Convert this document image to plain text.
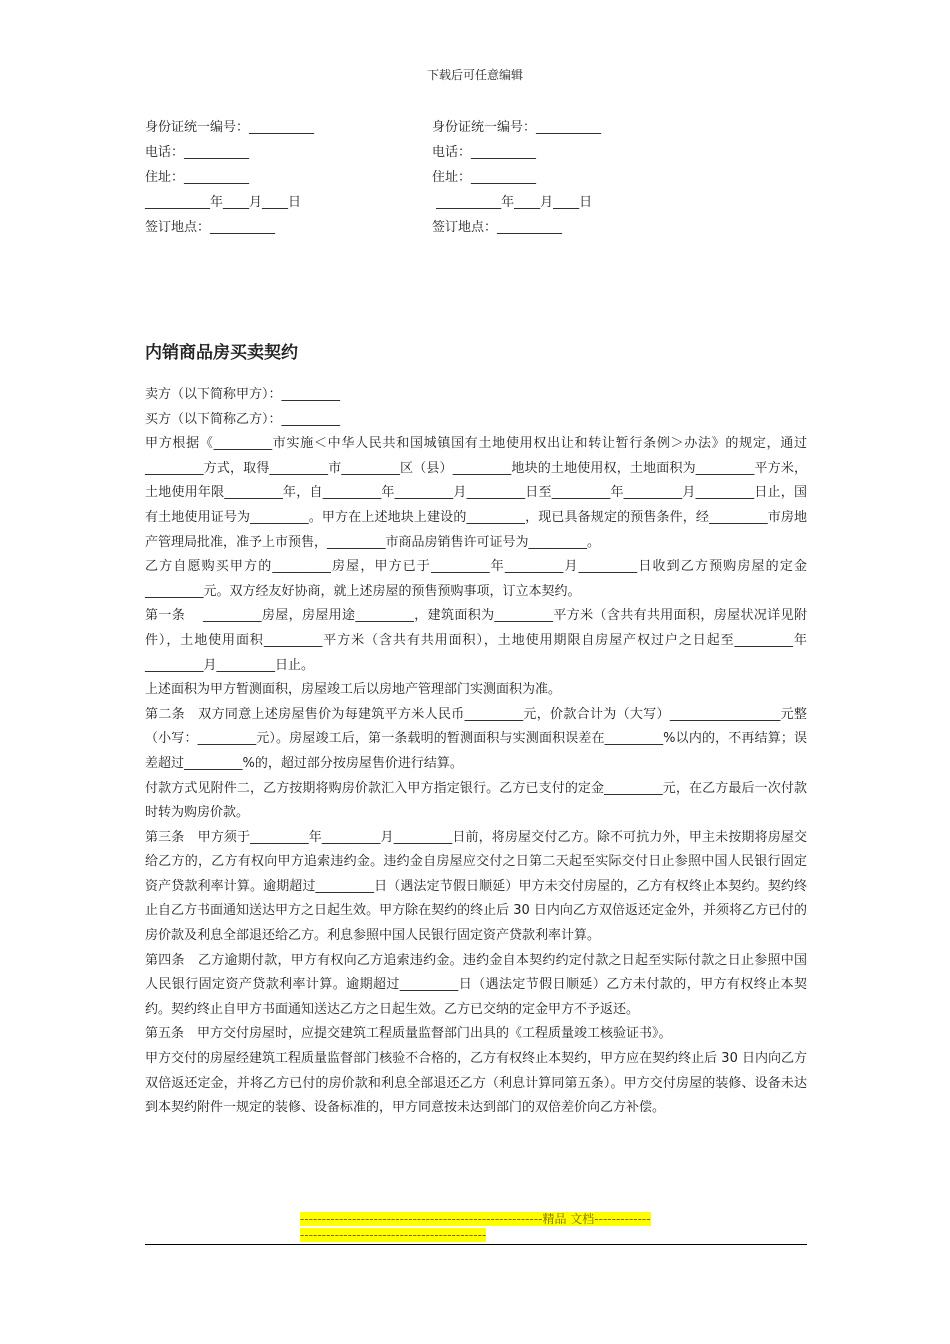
下载后可任意编辑
身份证统一编号：__________
电话：__________
住址：__________
__________年____月____日
签订地点：__________
身份证统一编号：__________
电话：__________
住址：__________
__________年____月____日
签订地点：__________
内销商品房买卖契约

卖方（以下简称甲方）：_________

买方（以下简称乙方）：_________

甲方根据《_________市实施＜中华人民共和国城镇国有土地使用权出让和转让暂行条例＞办法》的规定，通过_________方式，取得_________市_________区（县）_________地块的土地使用权，土地面积为_________平方米，土地使用年限_________年，自_________年_________月_________日至_________年_________月_________日止，国有土地使用证号为_________。甲方在上述地块上建设的_________，现已具备规定的预售条件，经_________市房地产管理局批准，准予上市预售，_________市商品房销售许可证号为_________。

乙方自愿购买甲方的_________房屋，甲方已于_________年_________月_________日收到乙方预购房屋的定金_________元。双方经友好协商，就上述房屋的预售预购事项，订立本契约。

第一条　 _________房屋，房屋用途_________，建筑面积为_________平方米（含共有共用面积，房屋状况详见附件），土地使用面积_________平方米（含共有共用面积），土地使用期限自房屋产权过户之日起至_________年_________月_________日止。

上述面积为甲方暂测面积，房屋竣工后以房地产管理部门实测面积为准。

第二条　双方同意上述房屋售价为每建筑平方米人民币_________元，价款合计为（大写）_________________元整（小写：_________元）。房屋竣工后，第一条载明的暂测面积与实测面积误差在_________%以内的，不再结算；误差超过_________%的，超过部分按房屋售价进行结算。

付款方式见附件二，乙方按期将购房价款汇入甲方指定银行。乙方已支付的定金_________元，在乙方最后一次付款时转为购房价款。

第三条　甲方须于_________年_________月_________日前，将房屋交付乙方。除不可抗力外，甲主未按期将房屋交给乙方的，乙方有权向甲方追索违约金。违约金自房屋应交付之日第二天起至实际交付日止参照中国人民银行固定资产贷款利率计算。逾期超过_________日（遇法定节假日顺延）甲方未交付房屋的，乙方有权终止本契约。契约终止自乙方书面通知送达甲方之日起生效。甲方除在契约的终止后 30 日内向乙方双倍返还定金外，并须将乙方已付的房价款及利息全部退还给乙方。利息参照中国人民银行固定资产贷款利率计算。

第四条　乙方逾期付款，甲方有权向乙方追索违约金。违约金自本契约约定付款之日起至实际付款之日止参照中国人民银行固定资产贷款利率计算。逾期超过_________日（遇法定节假日顺延）乙方未付款的，甲方有权终止本契约。契约终止自甲方书面通知送达乙方之日起生效。乙方已交纳的定金甲方不予返还。

第五条　甲方交付房屋时，应提交建筑工程质量监督部门出具的《工程质量竣工核验证书》。

甲方交付的房屋经建筑工程质量监督部门核验不合格的，乙方有权终止本契约，甲方应在契约终止后 30 日内向乙方双倍返还定金，并将乙方已付的房价款和利息全部退还乙方（利息计算同第五条）。甲方交付房屋的装修、设备未达到本契约附件一规定的装修、设备标准的，甲方同意按未达到部门的双倍差价向乙方补偿。

--------------------------------------------------------精品 文档--------------------------------------------------------
